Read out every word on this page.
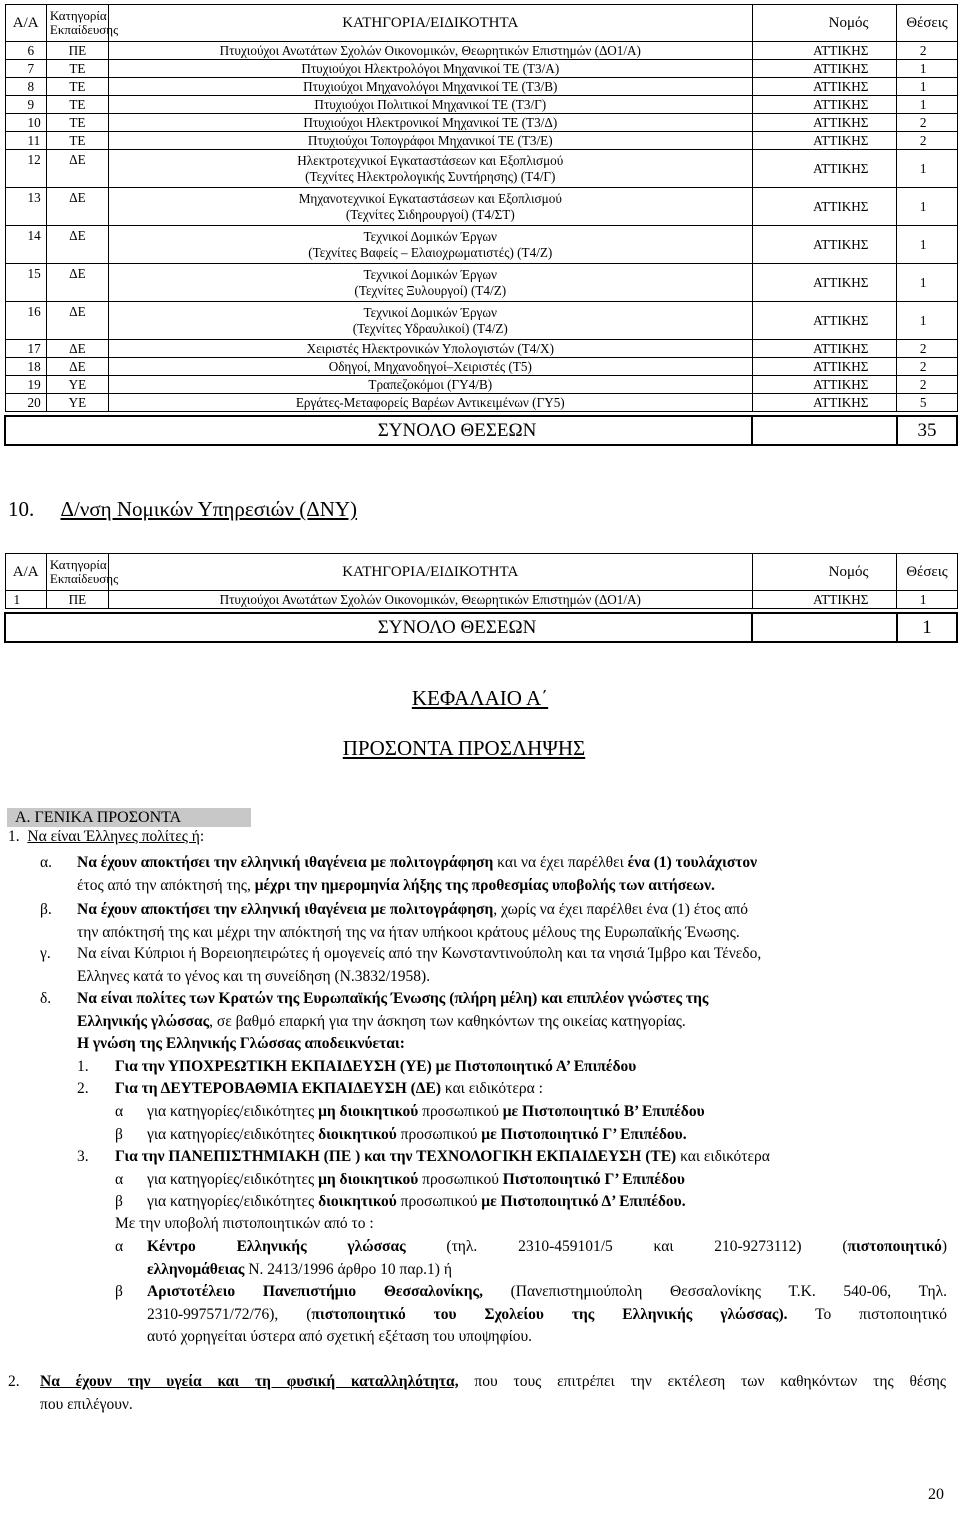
Α/Α	Κατηγορία
Εκπαίδευσης	ΚΑΤΗΓΟΡΙΑ/ΕΙΔΙΚΟΤΗΤΑ	Νομός	Θέσεις
6	ΠΕ	Πτυχιούχοι Ανωτάτων Σχολών Οικονομικών, Θεωρητικών Επιστημών (ΔΟ1/Α)	ΑΤΤΙΚΗΣ	2
7	ΤΕ	Πτυχιούχοι Ηλεκτρολόγοι Μηχανικοί ΤΕ (Τ3/Α)	ΑΤΤΙΚΗΣ	1
8	ΤΕ	Πτυχιούχοι Μηχανολόγοι Μηχανικοί ΤΕ (Τ3/Β)	ΑΤΤΙΚΗΣ	1
9	ΤΕ	Πτυχιούχοι Πολιτικοί Μηχανικοί ΤΕ (Τ3/Γ)	ΑΤΤΙΚΗΣ	1
10	ΤΕ	Πτυχιούχοι Ηλεκτρονικοί Μηχανικοί ΤΕ (Τ3/Δ)	ΑΤΤΙΚΗΣ	2
11	ΤΕ	Πτυχιούχοι Τοπογράφοι Μηχανικοί ΤΕ (Τ3/Ε)	ΑΤΤΙΚΗΣ	2
12	ΔΕ	Ηλεκτροτεχνικοί Εγκαταστάσεων και Εξοπλισμού
(Τεχνίτες Ηλεκτρολογικής Συντήρησης) (Τ4/Γ)	ΑΤΤΙΚΗΣ	1
13	ΔΕ	Μηχανοτεχνικοί Εγκαταστάσεων και Εξοπλισμού
(Τεχνίτες Σιδηρουργοί) (Τ4/ΣΤ)	ΑΤΤΙΚΗΣ	1
14	ΔΕ	Τεχνικοί Δομικών Έργων
(Τεχνίτες Βαφείς – Ελαιοχρωματιστές) (Τ4/Ζ)	ΑΤΤΙΚΗΣ	1
15	ΔΕ	Τεχνικοί Δομικών Έργων
(Τεχνίτες Ξυλουργοί) (Τ4/Ζ)	ΑΤΤΙΚΗΣ	1
16	ΔΕ	Τεχνικοί Δομικών Έργων
(Τεχνίτες Υδραυλικοί) (Τ4/Ζ)	ΑΤΤΙΚΗΣ	1
17	ΔΕ	Χειριστές Ηλεκτρονικών Υπολογιστών (Τ4/Χ)	ΑΤΤΙΚΗΣ	2
18	ΔΕ	Οδηγοί, Μηχανοδηγοί–Χειριστές (Τ5)	ΑΤΤΙΚΗΣ	2
19	ΥΕ	Τραπεζοκόμοι (ΓΥ4/Β)	ΑΤΤΙΚΗΣ	2
20	ΥΕ	Εργάτες-Μεταφορείς Βαρέων Αντικειμένων (ΓΥ5)	ΑΤΤΙΚΗΣ	5

ΣΥΝΟΛΟ ΘΕΣΕΩΝ				35
10. Δ/νση Νομικών Υπηρεσιών (ΔΝΥ)
Α/Α	Κατηγορία
Εκπαίδευσης	ΚΑΤΗΓΟΡΙΑ/ΕΙΔΙΚΟΤΗΤΑ	Νομός	Θέσεις
1	ΠΕ	Πτυχιούχοι Ανωτάτων Σχολών Οικονομικών, Θεωρητικών Επιστημών (ΔΟ1/Α)	ΑΤΤΙΚΗΣ	1

ΣΥΝΟΛΟ ΘΕΣΕΩΝ				1
ΚΕΦΑΛΑΙΟ Α΄
ΠΡΟΣΟΝΤΑ ΠΡΟΣΛΗΨΗΣ
Α. ΓΕΝΙΚΑ ΠΡΟΣΟΝΤΑ
1. Να είναι Έλληνες πολίτες ή:
α. Να έχουν αποκτήσει την ελληνική ιθαγένεια με πολιτογράφηση και να έχει παρέλθει ένα (1) τουλάχιστον
έτος από την απόκτησή της, μέχρι την ημερομηνία λήξης της προθεσμίας υποβολής των αιτήσεων.
β. Να έχουν αποκτήσει την ελληνική ιθαγένεια με πολιτογράφηση, χωρίς να έχει παρέλθει ένα (1) έτος από
την απόκτησή της και μέχρι την απόκτησή της να ήταν υπήκοοι κράτους μέλους της Ευρωπαϊκής Ένωσης.
γ. Να είναι Κύπριοι ή Βορειοηπειρώτες ή ομογενείς από την Κωνσταντινούπολη και τα νησιά Ίμβρο και Τένεδο,
Ελληνες κατά το γένος και τη συνείδηση (Ν.3832/1958).
δ. Να είναι πολίτες των Κρατών της Ευρωπαϊκής Ένωσης (πλήρη μέλη) και επιπλέον γνώστες της
Ελληνικής γλώσσας, σε βαθμό επαρκή για την άσκηση των καθηκόντων της οικείας κατηγορίας.
Η γνώση της Ελληνικής Γλώσσας αποδεικνύεται:
1. Για την ΥΠΟΧΡΕΩΤΙΚΗ ΕΚΠΑΙΔΕΥΣΗ (ΥΕ) με Πιστοποιητικό Α’ Επιπέδου
2. Για τη ΔΕΥΤΕΡΟΒΑΘΜΙΑ ΕΚΠΑΙΔΕΥΣΗ (ΔΕ) και ειδικότερα :
α για κατηγορίες/ειδικότητες μη διοικητικού προσωπικού με Πιστοποιητικό Β’ Επιπέδου
β για κατηγορίες/ειδικότητες διοικητικού προσωπικού με Πιστοποιητικό Γ’ Επιπέδου.
3. Για την ΠΑΝΕΠΙΣΤΗΜΙΑΚΗ (ΠΕ ) και την ΤΕΧΝΟΛΟΓΙΚΗ ΕΚΠΑΙΔΕΥΣΗ (ΤΕ) και ειδικότερα
α για κατηγορίες/ειδικότητες μη διοικητικού προσωπικού Πιστοποιητικό Γ’ Επιπέδου
β για κατηγορίες/ειδικότητες διοικητικού προσωπικού με Πιστοποιητικό Δ’ Επιπέδου.
Με την υποβολή πιστοποιητικών από το :
α Κέντρο Ελληνικής γλώσσας (τηλ. 2310-459101/5 και 210-9273112) (πιστοποιητικό)
ελληνομάθειας Ν. 2413/1996 άρθρο 10 παρ.1) ή
β Αριστοτέλειο Πανεπιστήμιο Θεσσαλονίκης, (Πανεπιστημιούπολη Θεσσαλονίκης Τ.Κ. 540-06, Τηλ.
2310-997571/72/76), (πιστοποιητικό του Σχολείου της Ελληνικής γλώσσας). Το πιστοποιητικό
αυτό χορηγείται ύστερα από σχετική εξέταση του υποψηφίου.
2. Να έχουν την υγεία και τη φυσική καταλληλότητα, που τους επιτρέπει την εκτέλεση των καθηκόντων της θέσης
που επιλέγουν.
20
